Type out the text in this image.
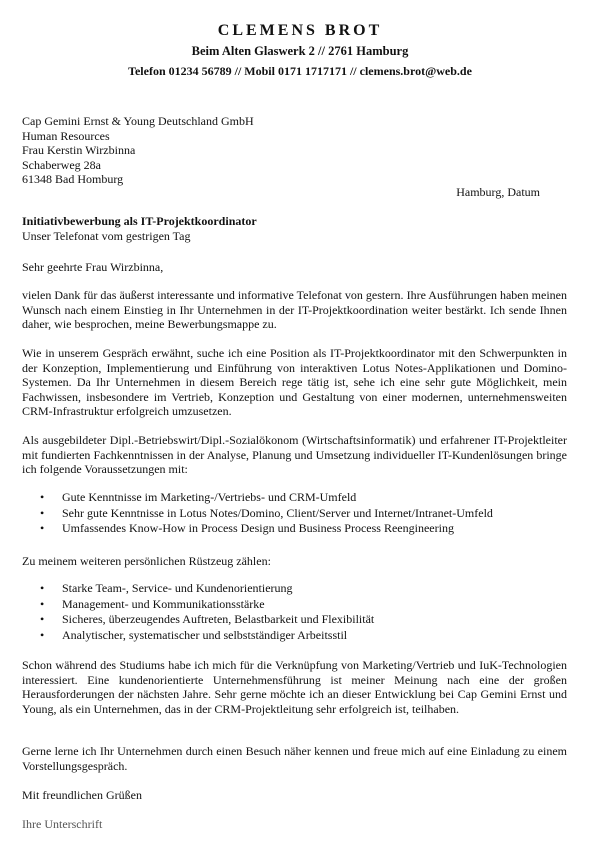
CLEMENS BROT
Beim Alten Glaswerk 2 // 2761 Hamburg
Telefon 01234 56789 // Mobil 0171 1717171 // clemens.brot@web.de
Cap Gemini Ernst & Young Deutschland GmbH
Human Resources
Frau Kerstin Wirzbinna
Schaberweg 28a
61348 Bad Homburg
Hamburg, Datum
Initiativbewerbung als IT-Projektkoordinator
Unser Telefonat vom gestrigen Tag
Sehr geehrte Frau Wirzbinna,

vielen Dank für das äußerst interessante und informative Telefonat von gestern. Ihre Ausführungen haben meinen Wunsch nach einem Einstieg in Ihr Unternehmen in der IT-Projektkoordination weiter bestärkt. Ich sende Ihnen daher, wie besprochen, meine Bewerbungsmappe zu.

Wie in unserem Gespräch erwähnt, suche ich eine Position als IT-Projektkoordinator mit den Schwerpunkten in der Konzeption, Implementierung und Einführung von interaktiven Lotus Notes-Applikationen und Domino-Systemen. Da Ihr Unternehmen in diesem Bereich rege tätig ist, sehe ich eine sehr gute Möglichkeit, mein Fachwissen, insbesondere im Vertrieb, Konzeption und Gestaltung von einer modernen, unternehmensweiten CRM-Infrastruktur erfolgreich umzusetzen.

Als ausgebildeter Dipl.-Betriebswirt/Dipl.-Sozialökonom (Wirtschaftsinformatik) und erfahrener IT-Projektleiter mit fundierten Fachkenntnissen in der Analyse, Planung und Umsetzung individueller IT-Kundenlösungen bringe ich folgende Voraussetzungen mit:

• Gute Kenntnisse im Marketing-/Vertriebs- und CRM-Umfeld
• Sehr gute Kenntnisse in Lotus Notes/Domino, Client/Server und Internet/Intranet-Umfeld
• Umfassendes Know-How in Process Design und Business Process Reengineering
Zu meinem weiteren persönlichen Rüstzeug zählen:
• Starke Team-, Service- und Kundenorientierung
• Management- und Kommunikationsstärke
• Sicheres, überzeugendes Auftreten, Belastbarkeit und Flexibilität
• Analytischer, systematischer und selbstständiger Arbeitsstil

Schon während des Studiums habe ich mich für die Verknüpfung von Marketing/Vertrieb und IuK-Technologien interessiert. Eine kundenorientierte Unternehmensführung ist meiner Meinung nach eine der großen Herausforderungen der nächsten Jahre. Sehr gerne möchte ich an dieser Entwicklung bei Cap Gemini Ernst und Young, als ein Unternehmen, das in der CRM-Projektleitung sehr erfolgreich ist, teilhaben.

Gerne lerne ich Ihr Unternehmen durch einen Besuch näher kennen und freue mich auf eine Einladung zu einem Vorstellungsgespräch.

Mit freundlichen Grüßen
Ihre Unterschrift
